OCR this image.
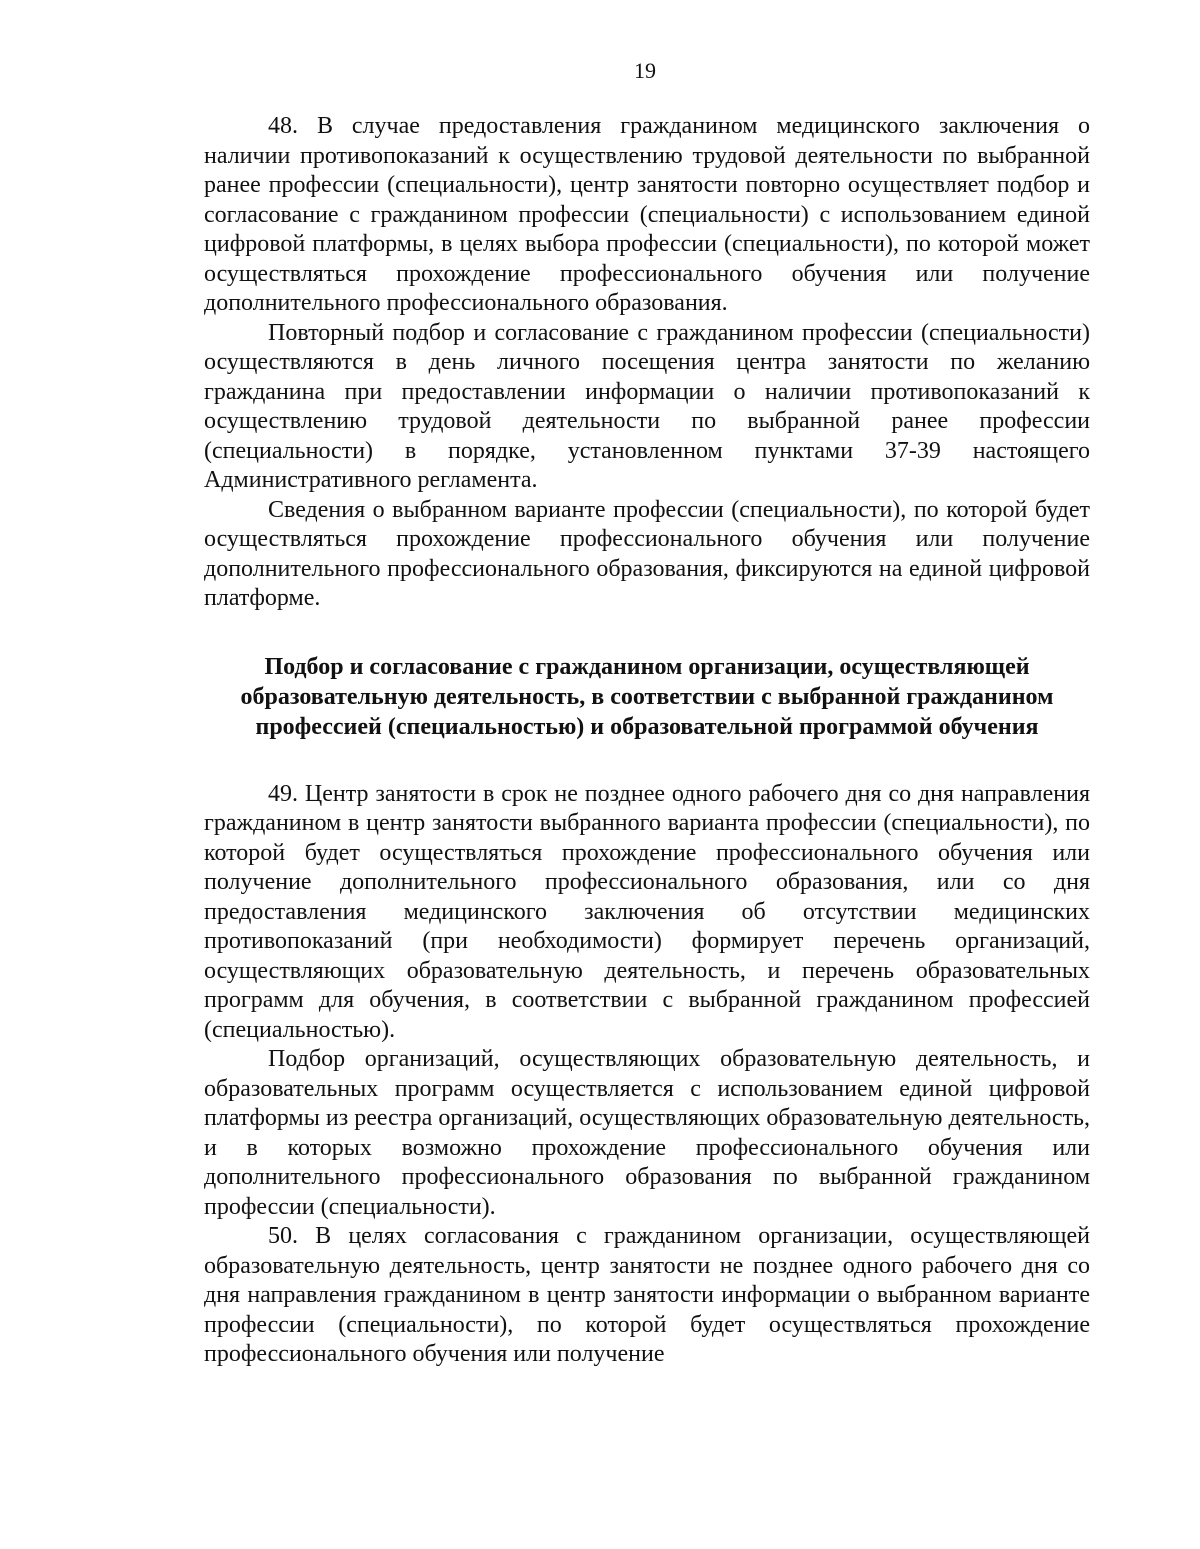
19

48. В случае предоставления гражданином медицинского заключения о наличии противопоказаний к осуществлению трудовой деятельности по выбранной ранее профессии (специальности), центр занятости повторно осуществляет подбор и согласование с гражданином профессии (специальности) с использованием единой цифровой платформы, в целях выбора профессии (специальности), по которой может осуществляться прохождение профессионального обучения или получение дополнительного профессионального образования.

Повторный подбор и согласование с гражданином профессии (специальности) осуществляются в день личного посещения центра занятости по желанию гражданина при предоставлении информации о наличии противопоказаний к осуществлению трудовой деятельности по выбранной ранее профессии (специальности) в порядке, установленном пунктами 37-39 настоящего Административного регламента.

Сведения о выбранном варианте профессии (специальности), по которой будет осуществляться прохождение профессионального обучения или получение дополнительного профессионального образования, фиксируются на единой цифровой платформе.

Подбор и согласование с гражданином организации, осуществляющей образовательную деятельность, в соответствии с выбранной гражданином профессией (специальностью) и образовательной программой обучения

49. Центр занятости в срок не позднее одного рабочего дня со дня направления гражданином в центр занятости выбранного варианта профессии (специальности), по которой будет осуществляться прохождение профессионального обучения или получение дополнительного профессионального образования, или со дня предоставления медицинского заключения об отсутствии медицинских противопоказаний (при необходимости) формирует перечень организаций, осуществляющих образовательную деятельность, и перечень образовательных программ для обучения, в соответствии с выбранной гражданином профессией (специальностью).

Подбор организаций, осуществляющих образовательную деятельность, и образовательных программ осуществляется с использованием единой цифровой платформы из реестра организаций, осуществляющих образовательную деятельность, и в которых возможно прохождение профессионального обучения или дополнительного профессионального образования по выбранной гражданином профессии (специальности).

50. В целях согласования с гражданином организации, осуществляющей образовательную деятельность, центр занятости не позднее одного рабочего дня со дня направления гражданином в центр занятости информации о выбранном варианте профессии (специальности), по которой будет осуществляться прохождение профессионального обучения или получение
